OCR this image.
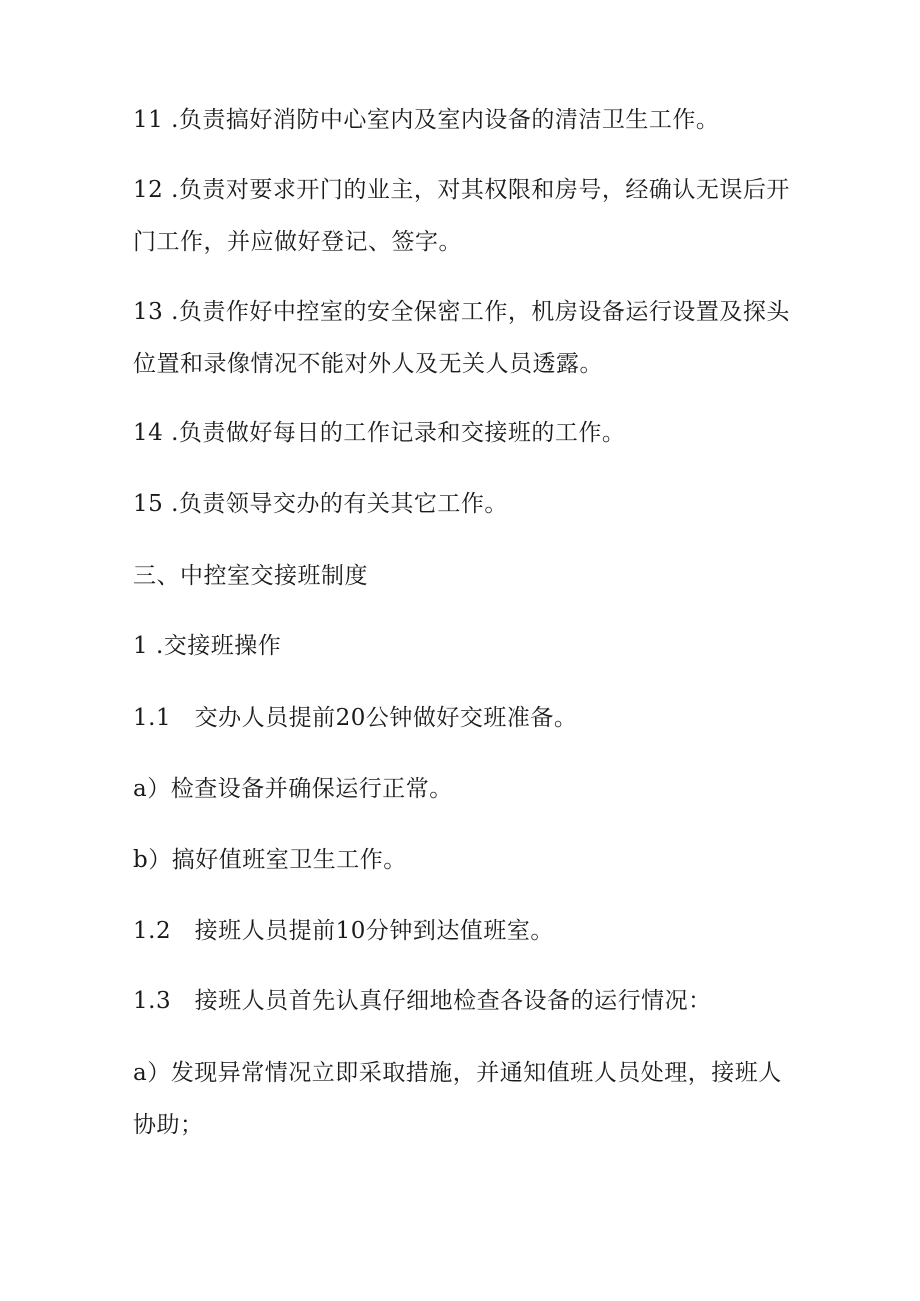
11 .负责搞好消防中心室内及室内设备的清洁卫生工作。

12 .负责对要求开门的业主，对其权限和房号，经确认无误后开门工作，并应做好登记、签字。

13 .负责作好中控室的安全保密工作，机房设备运行设置及探头位置和录像情况不能对外人及无关人员透露。

14 .负责做好每日的工作记录和交接班的工作。

15 .负责领导交办的有关其它工作。

三、中控室交接班制度

1 .交接班操作

1.1　交办人员提前20公钟做好交班准备。

a）检查设备并确保运行正常。

b）搞好值班室卫生工作。

1.2　接班人员提前10分钟到达值班室。

1.3　接班人员首先认真仔细地检查各设备的运行情况：

a）发现异常情况立即采取措施，并通知值班人员处理，接班人协助；
